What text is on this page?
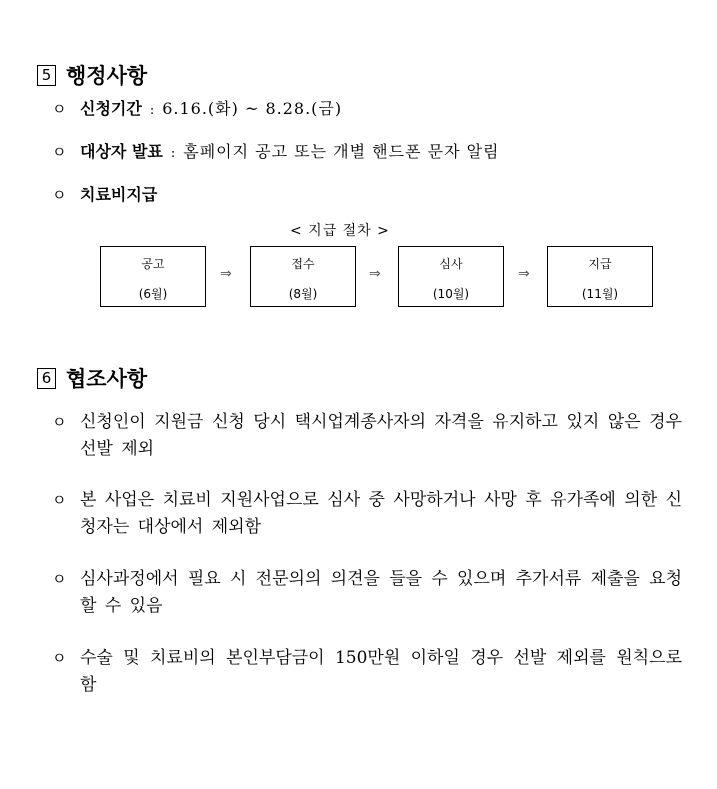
5 행정사항
ㅇ 신청기간 : 6.16.(화) ~ 8.28.(금)
ㅇ 대상자 발표 : 홈페이지 공고 또는 개별 핸드폰 문자 알림
ㅇ 치료비지급
< 지급 절차 >
공고
(6월)
⇒
접수
(8월)
⇒
심사
(10월)
⇒
지급
(11월)
6 협조사항
ㅇ 신청인이 지원금 신청 당시 택시업계종사자의 자격을 유지하고 있지 않은 경우 선발 제외
ㅇ 본 사업은 치료비 지원사업으로 심사 중 사망하거나 사망 후 유가족에 의한 신청자는 대상에서 제외함
ㅇ 심사과정에서 필요 시 전문의의 의견을 들을 수 있으며 추가서류 제출을 요청할 수 있음
ㅇ 수술 및 치료비의 본인부담금이 150만원 이하일 경우 선발 제외를 원칙으로 함
